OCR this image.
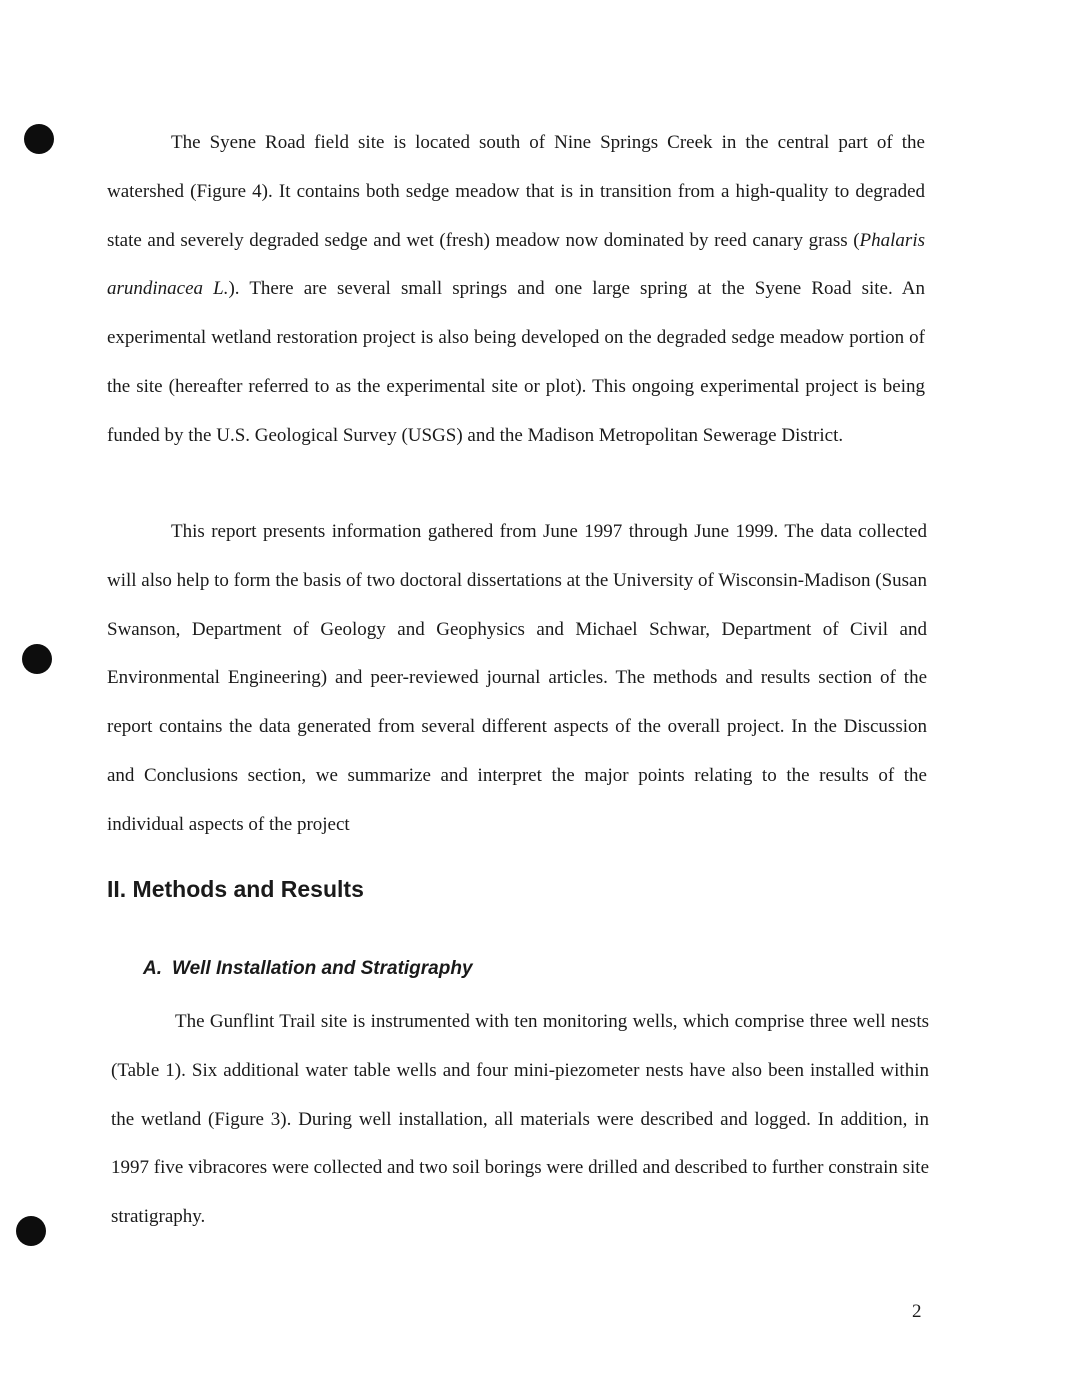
The Syene Road field site is located south of Nine Springs Creek in the central part of the watershed (Figure 4). It contains both sedge meadow that is in transition from a high-quality to degraded state and severely degraded sedge and wet (fresh) meadow now dominated by reed canary grass (Phalaris arundinacea L.). There are several small springs and one large spring at the Syene Road site. An experimental wetland restoration project is also being developed on the degraded sedge meadow portion of the site (hereafter referred to as the experimental site or plot). This ongoing experimental project is being funded by the U.S. Geological Survey (USGS) and the Madison Metropolitan Sewerage District.

This report presents information gathered from June 1997 through June 1999. The data collected will also help to form the basis of two doctoral dissertations at the University of Wisconsin-Madison (Susan Swanson, Department of Geology and Geophysics and Michael Schwar, Department of Civil and Environmental Engineering) and peer-reviewed journal articles. The methods and results section of the report contains the data generated from several different aspects of the overall project. In the Discussion and Conclusions section, we summarize and interpret the major points relating to the results of the individual aspects of the project

II. Methods and Results
A. Well Installation and Stratigraphy

The Gunflint Trail site is instrumented with ten monitoring wells, which comprise three well nests (Table 1). Six additional water table wells and four mini-piezometer nests have also been installed within the wetland (Figure 3). During well installation, all materials were described and logged. In addition, in 1997 five vibracores were collected and two soil borings were drilled and described to further constrain site stratigraphy.

2
